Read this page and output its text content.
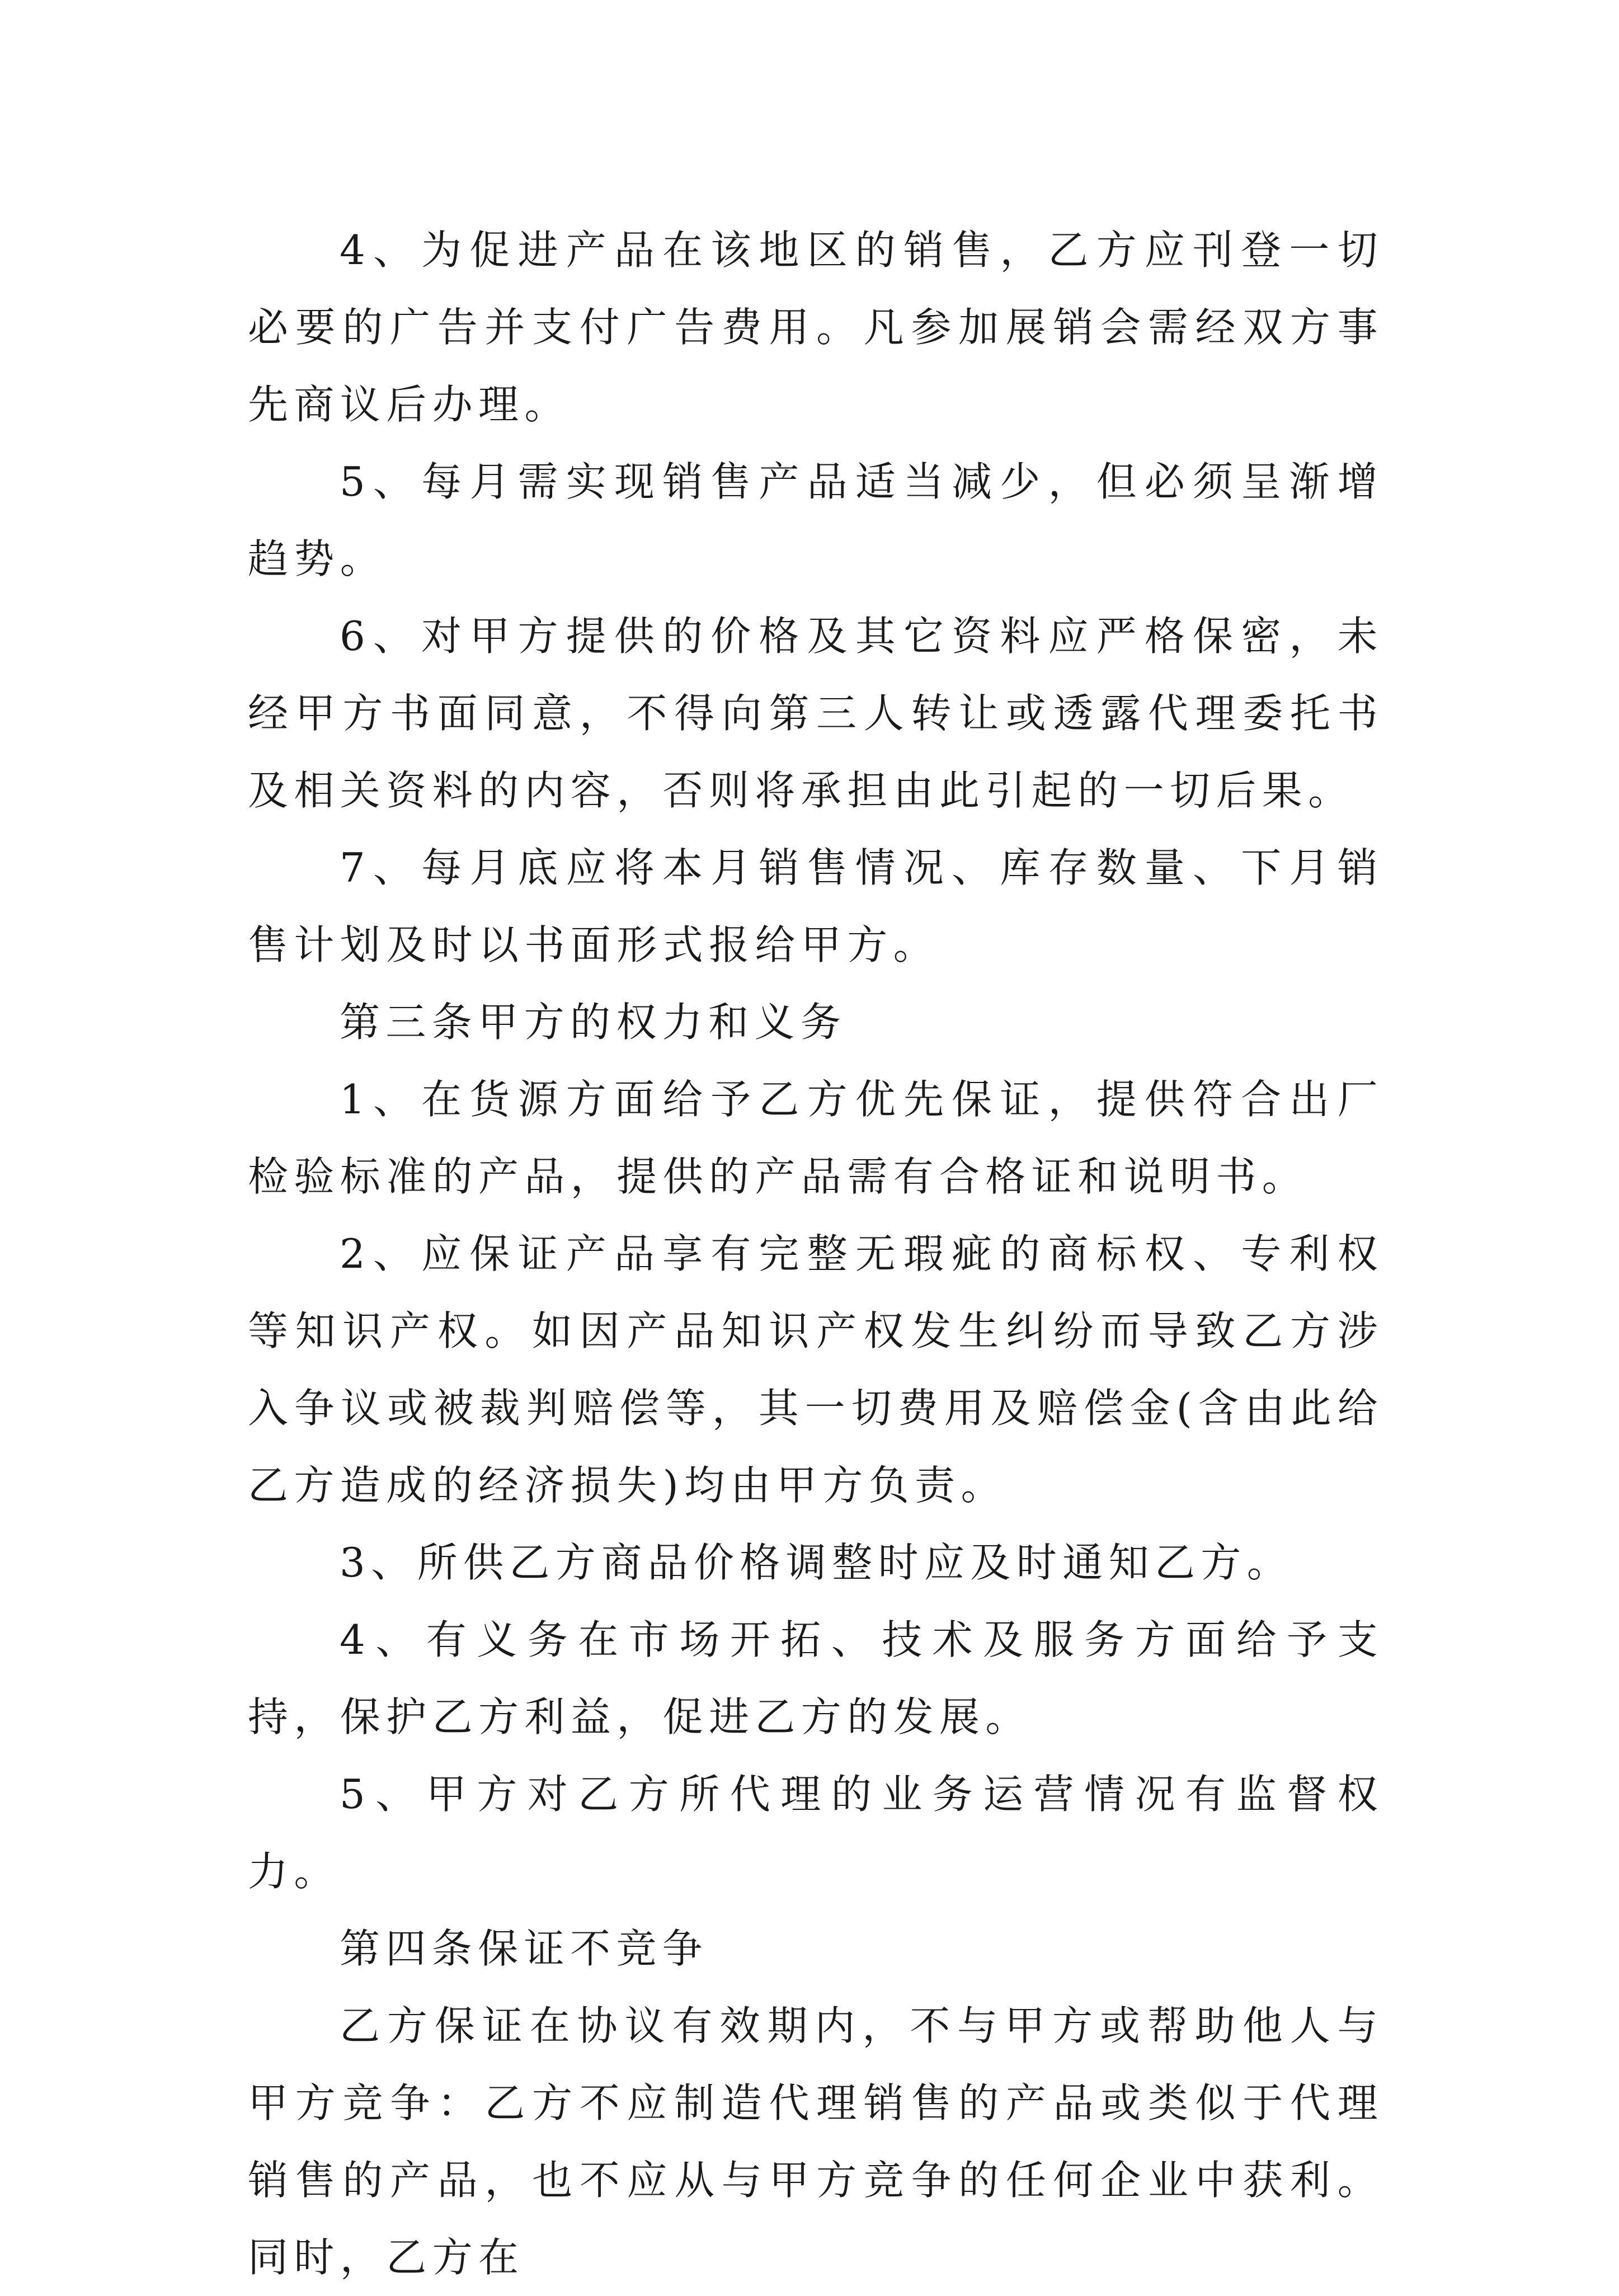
4、为促进产品在该地区的销售，乙方应刊登一切必要的广告并支付广告费用。凡参加展销会需经双方事先商议后办理。

5、每月需实现销售产品适当减少，但必须呈渐增趋势。

6、对甲方提供的价格及其它资料应严格保密，未经甲方书面同意，不得向第三人转让或透露代理委托书及相关资料的内容，否则将承担由此引起的一切后果。

7、每月底应将本月销售情况、库存数量、下月销售计划及时以书面形式报给甲方。

第三条甲方的权力和义务

1、在货源方面给予乙方优先保证，提供符合出厂检验标准的产品，提供的产品需有合格证和说明书。

2、应保证产品享有完整无瑕疵的商标权、专利权等知识产权。如因产品知识产权发生纠纷而导致乙方涉入争议或被裁判赔偿等，其一切费用及赔偿金(含由此给乙方造成的经济损失)均由甲方负责。

3、所供乙方商品价格调整时应及时通知乙方。

4、有义务在市场开拓、技术及服务方面给予支持，保护乙方利益，促进乙方的发展。

5、甲方对乙方所代理的业务运营情况有监督权力。

第四条保证不竞争

乙方保证在协议有效期内，不与甲方或帮助他人与甲方竞争：乙方不应制造代理销售的产品或类似于代理销售的产品，也不应从与甲方竞争的任何企业中获利。同时，乙方在
